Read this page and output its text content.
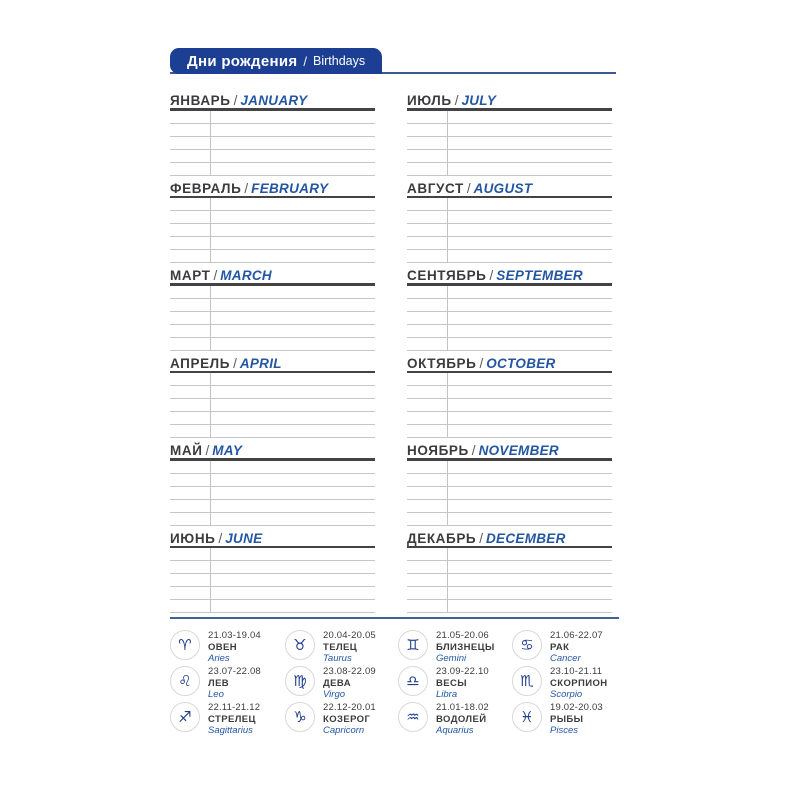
Дни рождения / Birthdays
ЯНВАРЬ / JANUARY
ФЕВРАЛЬ / FEBRUARY
МАРТ / MARCH
АПРЕЛЬ / APRIL
МАЙ / MAY
ИЮНЬ / JUNE
ИЮЛЬ / JULY
АВГУСТ / AUGUST
СЕНТЯБРЬ / SEPTEMBER
ОКТЯБРЬ / OCTOBER
НОЯБРЬ / NOVEMBER
ДЕКАБРЬ / DECEMBER
♈ 21.03-19.04
ОВЕН
Aries
♌ 23.07-22.08
ЛЕВ
Leo
♐ 22.11-21.12
СТРЕЛЕЦ
Sagittarius
♉ 20.04-20.05
ТЕЛЕЦ
Taurus
♍ 23.08-22.09
ДЕВА
Virgo
♑ 22.12-20.01
КОЗЕРОГ
Capricorn
♊ 21.05-20.06
БЛИЗНЕЦЫ
Gemini
♎ 23.09-22.10
ВЕСЫ
Libra
♒ 21.01-18.02
ВОДОЛЕЙ
Aquarius
♋ 21.06-22.07
РАК
Cancer
♏ 23.10-21.11
СКОРПИОН
Scorpio
♓ 19.02-20.03
РЫБЫ
Pisces
